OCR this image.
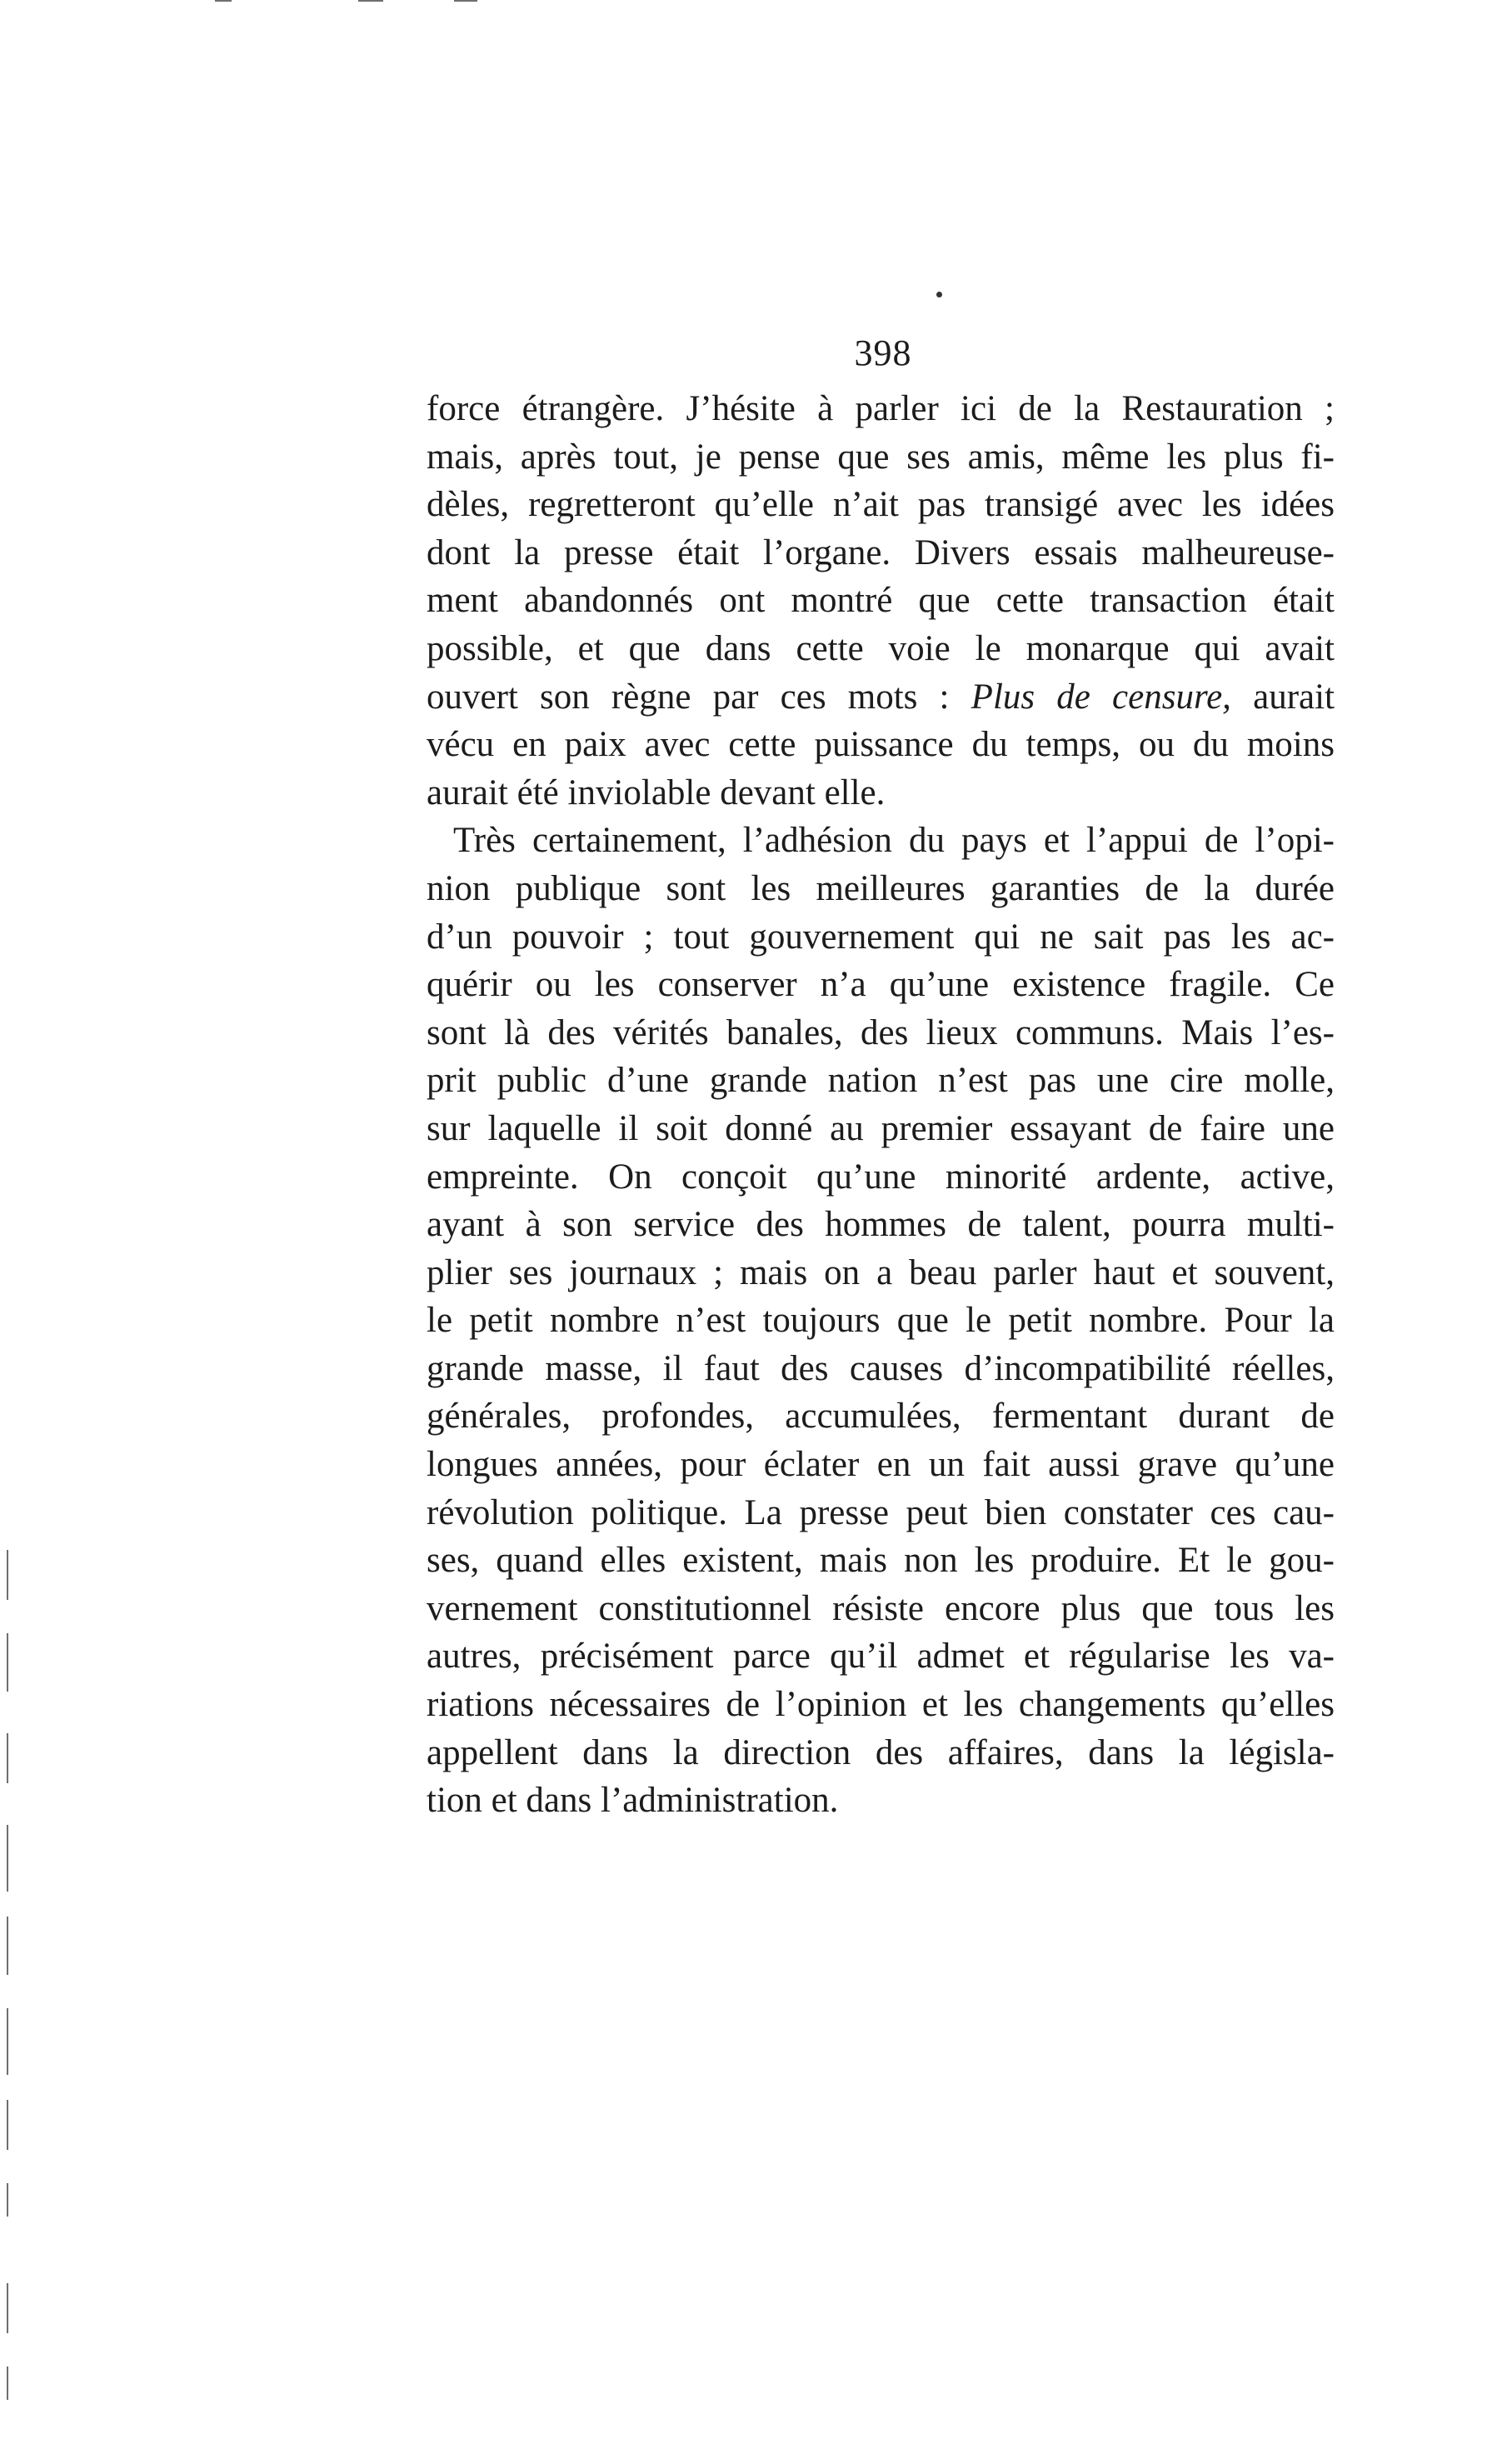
398
force étrangère. J’hésite à parler ici de la Restauration ;
mais, après tout, je pense que ses amis, même les plus fi-
dèles, regretteront qu’elle n’ait pas transigé avec les idées
dont la presse était l’organe. Divers essais malheureuse-
ment abandonnés ont montré que cette transaction était
possible, et que dans cette voie le monarque qui avait
ouvert son règne par ces mots : Plus de censure, aurait
vécu en paix avec cette puissance du temps, ou du moins
aurait été inviolable devant elle.
Très certainement, l’adhésion du pays et l’appui de l’opi-
nion publique sont les meilleures garanties de la durée
d’un pouvoir ; tout gouvernement qui ne sait pas les ac-
quérir ou les conserver n’a qu’une existence fragile. Ce
sont là des vérités banales, des lieux communs. Mais l’es-
prit public d’une grande nation n’est pas une cire molle,
sur laquelle il soit donné au premier essayant de faire une
empreinte. On conçoit qu’une minorité ardente, active,
ayant à son service des hommes de talent, pourra multi-
plier ses journaux ; mais on a beau parler haut et souvent,
le petit nombre n’est toujours que le petit nombre. Pour la
grande masse, il faut des causes d’incompatibilité réelles,
générales, profondes, accumulées, fermentant durant de
longues années, pour éclater en un fait aussi grave qu’une
révolution politique. La presse peut bien constater ces cau-
ses, quand elles existent, mais non les produire. Et le gou-
vernement constitutionnel résiste encore plus que tous les
autres, précisément parce qu’il admet et régularise les va-
riations nécessaires de l’opinion et les changements qu’elles
appellent dans la direction des affaires, dans la législa-
tion et dans l’administration.
